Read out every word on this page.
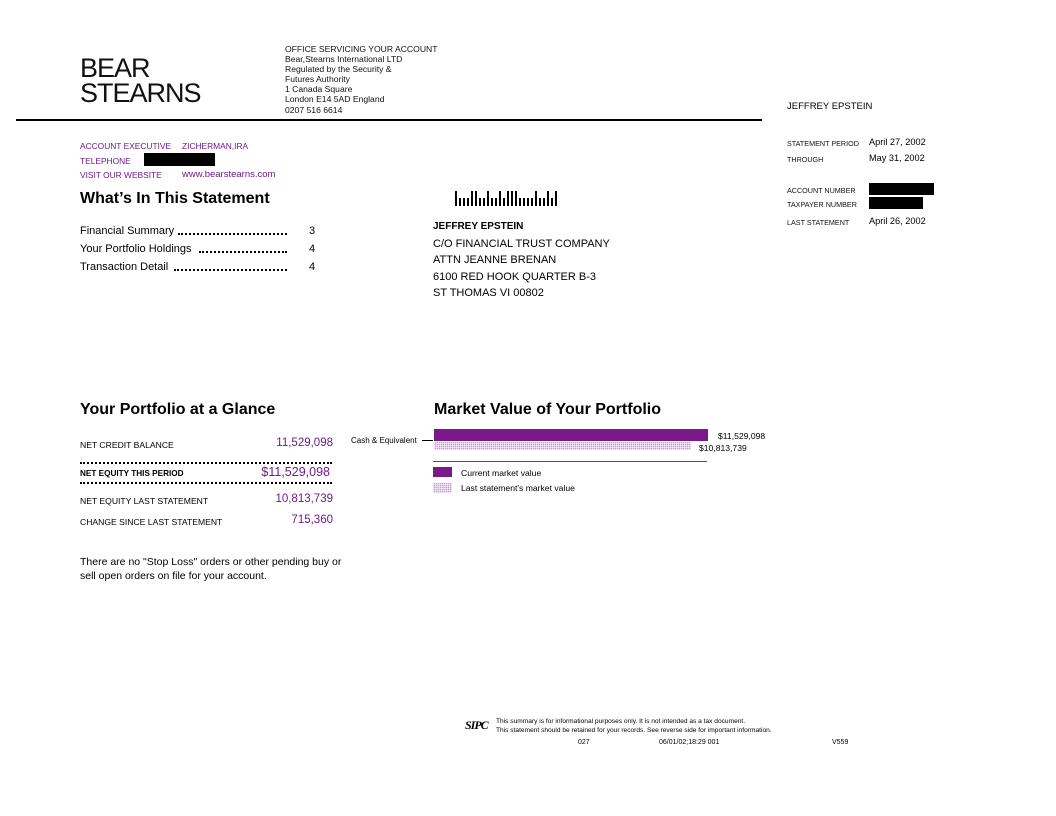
BEAR
STEARNS
OFFICE SERVICING YOUR ACCOUNT
Bear,Stearns International LTD
Regulated by the Security &
Futures Authority
1 Canada Square
London E14 5AD England
0207 516 6614	JEFFREY EPSTEIN
ACCOUNT EXECUTIVE ZICHERMAN,IRA
TELEPHONE
VISIT OUR WEBSITE www.bearstearns.com
STATEMENT PERIOD April 27, 2002
THROUGH	May 31, 2002
ACCOUNT NUMBER
TAXPAYER NUMBER
LAST STATEMENT April 26, 2002
What’s In This Statement
Financial Summary	3
Your Portfolio Holdings	4
Transaction Detail	4
JEFFREY EPSTEIN
C/O FINANCIAL TRUST COMPANY
ATTN JEANNE BRENAN
6100 RED HOOK QUARTER B-3
ST THOMAS VI 00802
Your Portfolio at a Glance
NET CREDIT BALANCE	11,529,098
NET EQUITY THIS PERIOD	$11,529,098
NET EQUITY LAST STATEMENT	10,813,739
CHANGE SINCE LAST STATEMENT	715,360
There are no "Stop Loss" orders or other pending buy or sell open orders on file for your account.
Market Value of Your Portfolio
Cash & Equivalent	$11,529,098
$10,813,739
Current market value
Last statement's market value
SIPC This summary is for informational purposes only. It is not intended as a tax document.
This statement should be retained for your records. See reverse side for important information.
027	06/01/02;18:29 001	V559
